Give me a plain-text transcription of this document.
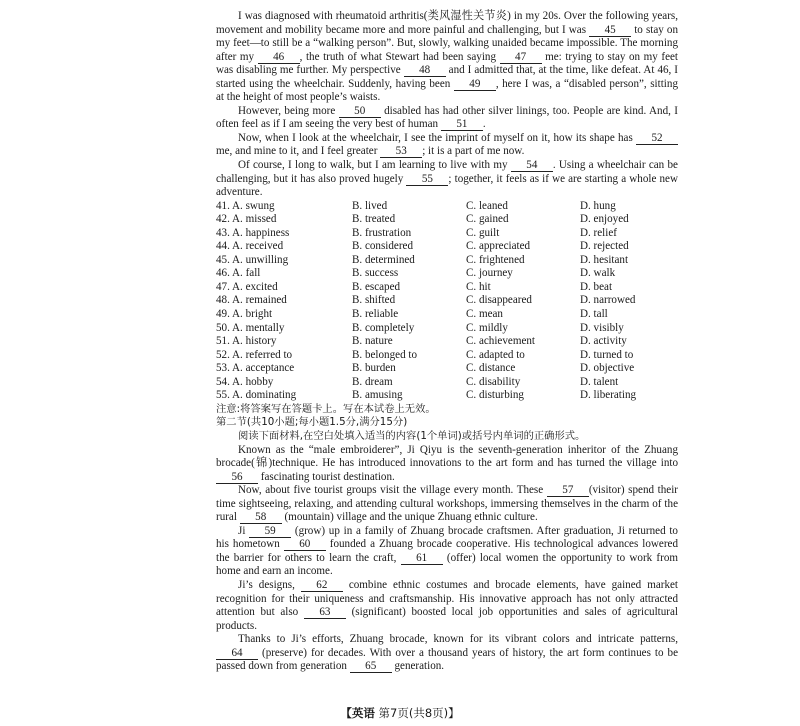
I was diagnosed with rheumatoid arthritis(类风湿性关节炎) in my 20s. Over the following years, movement and mobility became more and more painful and challenging, but I was 45 to stay on my feet—to still be a “walking person”. But, slowly, walking unaided became impossible. The morning after my 46 , the truth of what Stewart had been saying 47 me: trying to stay on my feet was disabling me further. My perspective 48 and I admitted that, at the time, like defeat. At 46, I started using the wheelchair. Suddenly, having been 49 , here I was, a “disabled person”, sitting at the height of most people’s waists.

However, being more 50 disabled has had other silver linings, too. People are kind. And, I often feel as if I am seeing the very best of human 51 .

Now, when I look at the wheelchair, I see the imprint of myself on it, how its shape has 52 me, and mine to it, and I feel greater 53 ; it is a part of me now.

Of course, I long to walk, but I am learning to live with my 54 . Using a wheelchair can be challenging, but it has also proved hugely 55 ; together, it feels as if we are starting a whole new adventure.

41. A. swung	B. lived	C. leaned	D. hung
42. A. missed	B. treated	C. gained	D. enjoyed
43. A. happiness	B. frustration	C. guilt	D. relief
44. A. received	B. considered	C. appreciated	D. rejected
45. A. unwilling	B. determined	C. frightened	D. hesitant
46. A. fall	B. success	C. journey	D. walk
47. A. excited	B. escaped	C. hit	D. beat
48. A. remained	B. shifted	C. disappeared	D. narrowed
49. A. bright	B. reliable	C. mean	D. tall
50. A. mentally	B. completely	C. mildly	D. visibly
51. A. history	B. nature	C. achievement	D. activity
52. A. referred to	B. belonged to	C. adapted to	D. turned to
53. A. acceptance	B. burden	C. distance	D. objective
54. A. hobby	B. dream	C. disability	D. talent
55. A. dominating	B. amusing	C. disturbing	D. liberating

注意:将答案写在答题卡上。写在本试卷上无效。

第二节(共10小题;每小题1.5分,满分15分)

阅读下面材料,在空白处填入适当的内容(1个单词)或括号内单词的正确形式。

Known as the “male embroiderer”, Ji Qiyu is the seventh-generation inheritor of the Zhuang brocade(锦)technique. He has introduced innovations to the art form and has turned the village into 56 fascinating tourist destination.

Now, about five tourist groups visit the village every month. These 57 (visitor) spend their time sightseeing, relaxing, and attending cultural workshops, immersing themselves in the charm of the rural 58 (mountain) village and the unique Zhuang ethnic culture.

Ji 59 (grow) up in a family of Zhuang brocade craftsmen. After graduation, Ji returned to his hometown 60 founded a Zhuang brocade cooperative. His technological advances lowered the barrier for others to learn the craft, 61 (offer) local women the opportunity to work from home and earn an income.

Ji’s designs, 62 combine ethnic costumes and brocade elements, have gained market recognition for their uniqueness and craftsmanship. His innovative approach has not only attracted attention but also 63 (significant) boosted local job opportunities and sales of agricultural products.

Thanks to Ji’s efforts, Zhuang brocade, known for its vibrant colors and intricate patterns, 64 (preserve) for decades. With over a thousand years of history, the art form continues to be passed down from generation 65 generation.

【英语 第7页(共8页)】
